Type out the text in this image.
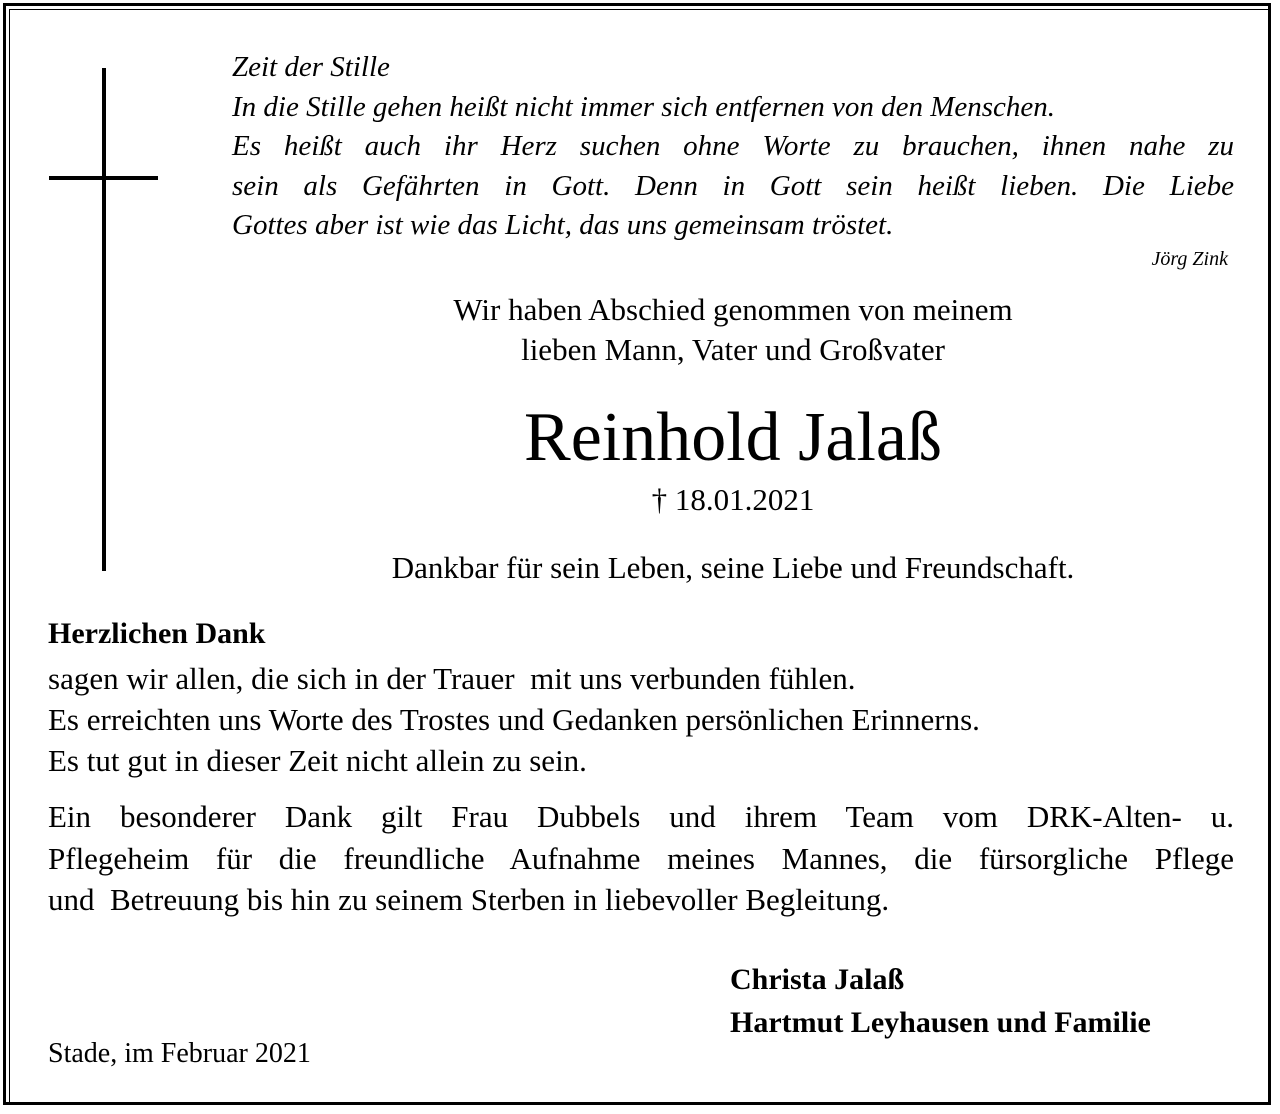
Zeit der Stille
In die Stille gehen heißt nicht immer sich entfernen von den Menschen.
Es heißt auch ihr Herz suchen ohne Worte zu brauchen, ihnen nahe zu
sein als Gefährten in Gott. Denn in Gott sein heißt lieben. Die Liebe
Gottes aber ist wie das Licht, das uns gemeinsam tröstet.
Jörg Zink
Wir haben Abschied genommen von meinem
lieben Mann, Vater und Großvater
Reinhold Jalaß
† 18.01.2021
Dankbar für sein Leben, seine Liebe und Freundschaft.
Herzlichen Dank
sagen wir allen, die sich in der Trauer  mit uns verbunden fühlen.
Es erreichten uns Worte des Trostes und Gedanken persönlichen Erinnerns.
Es tut gut in dieser Zeit nicht allein zu sein.
Ein besonderer Dank gilt Frau Dubbels und ihrem Team vom DRK-Alten- u.
Pflegeheim für die freundliche Aufnahme meines Mannes, die fürsorgliche Pflege
und  Betreuung bis hin zu seinem Sterben in liebevoller Begleitung.
Christa Jalaß
Hartmut Leyhausen und Familie
Stade, im Februar 2021
